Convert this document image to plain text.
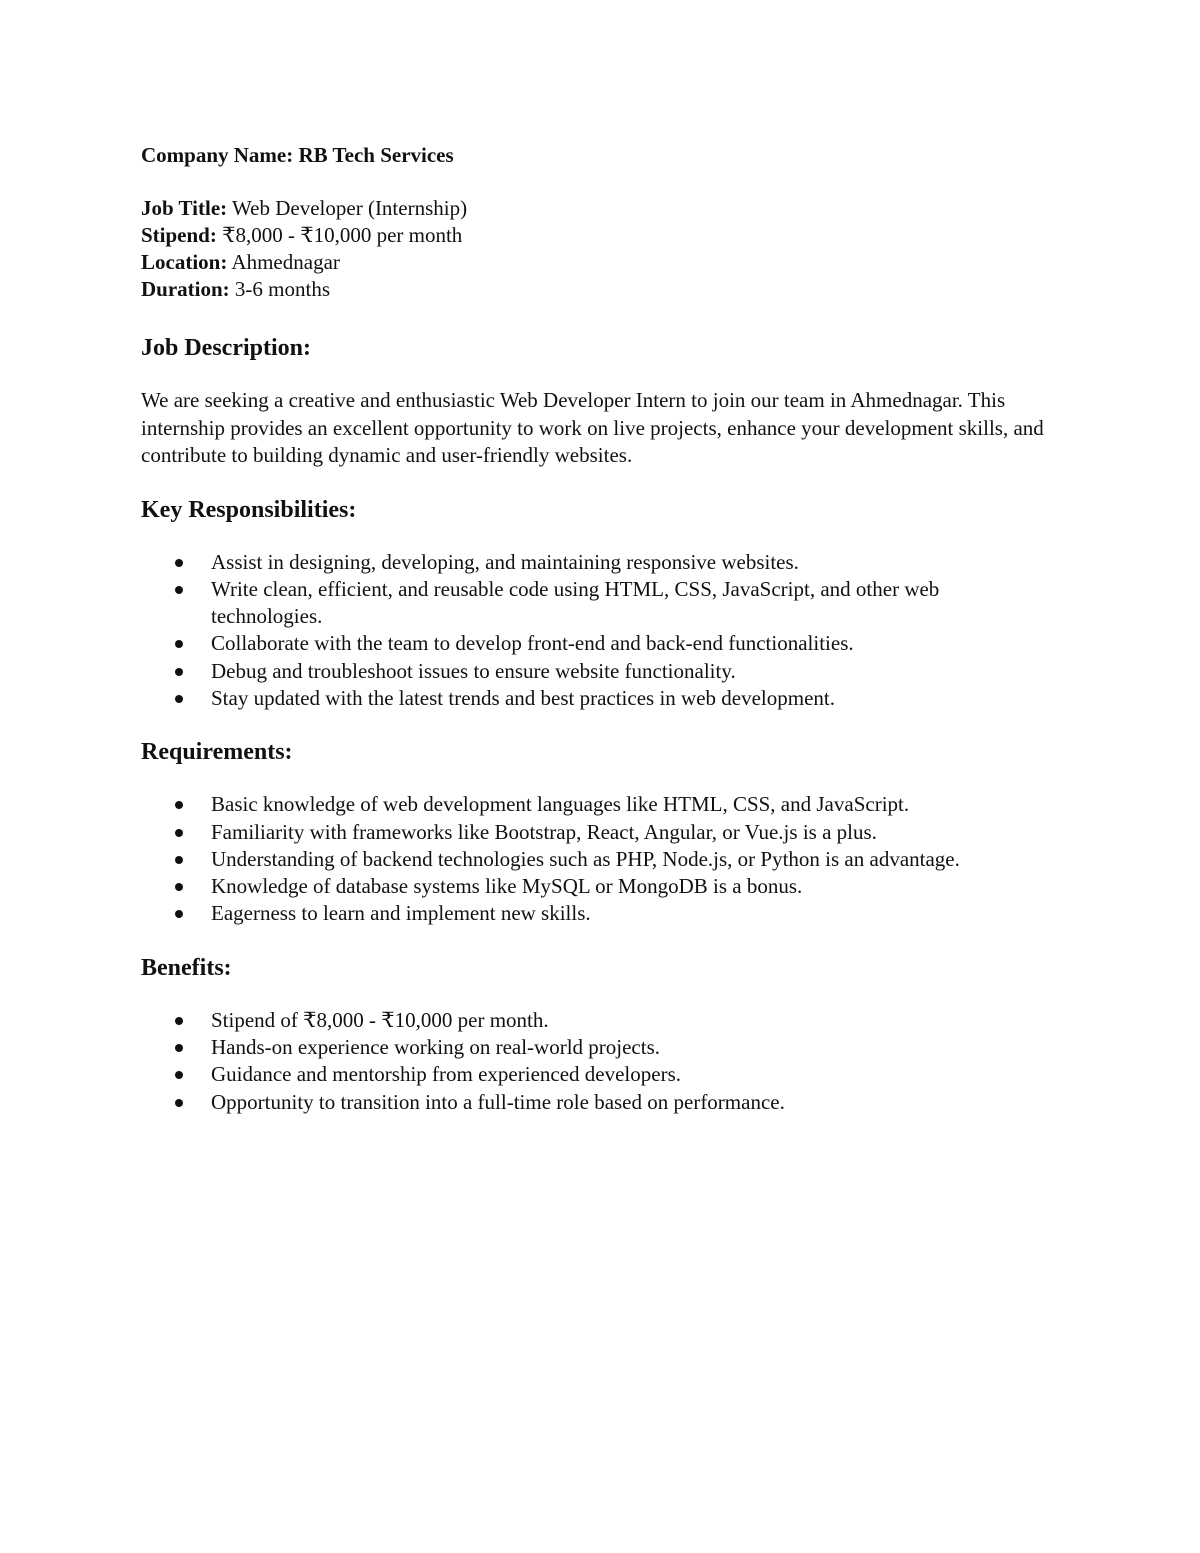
Company Name: RB Tech Services

Job Title: Web Developer (Internship)

Stipend: ₹8,000 - ₹10,000 per month

Location: Ahmednagar

Duration: 3-6 months

Job Description:

We are seeking a creative and enthusiastic Web Developer Intern to join our team in Ahmednagar. This internship provides an excellent opportunity to work on live projects, enhance your development skills, and contribute to building dynamic and user-friendly websites.

Key Responsibilities:
Assist in designing, developing, and maintaining responsive websites.
Write clean, efficient, and reusable code using HTML, CSS, JavaScript, and other web technologies.
Collaborate with the team to develop front-end and back-end functionalities.
Debug and troubleshoot issues to ensure website functionality.
Stay updated with the latest trends and best practices in web development.
Requirements:
Basic knowledge of web development languages like HTML, CSS, and JavaScript.
Familiarity with frameworks like Bootstrap, React, Angular, or Vue.js is a plus.
Understanding of backend technologies such as PHP, Node.js, or Python is an advantage.
Knowledge of database systems like MySQL or MongoDB is a bonus.
Eagerness to learn and implement new skills.
Benefits:
Stipend of ₹8,000 - ₹10,000 per month.
Hands-on experience working on real-world projects.
Guidance and mentorship from experienced developers.
Opportunity to transition into a full-time role based on performance.
